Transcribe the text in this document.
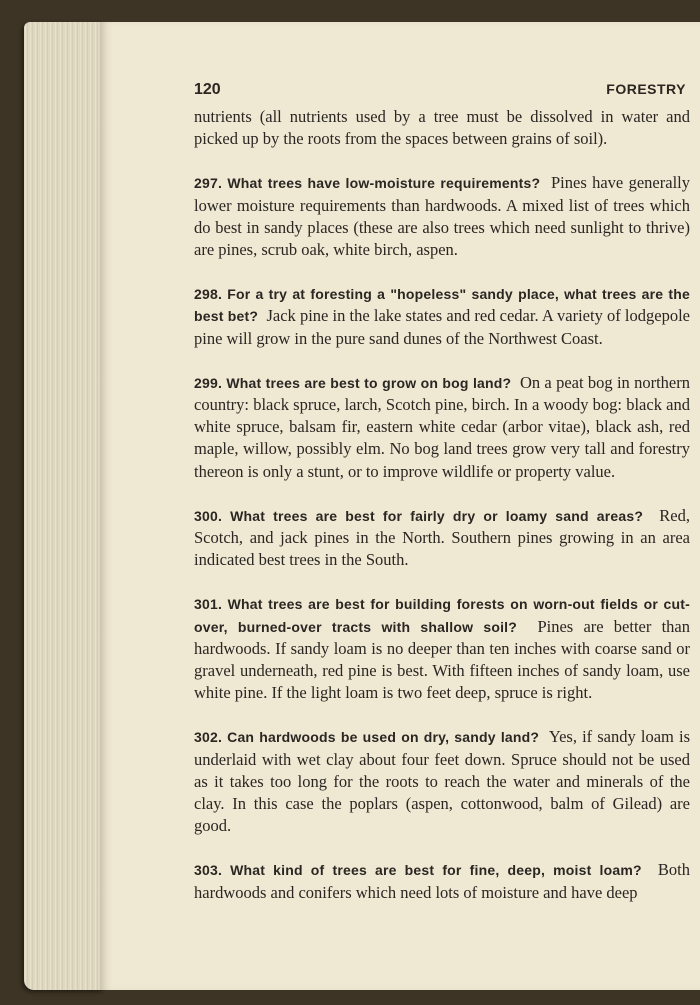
120	FORESTRY

nutrients (all nutrients used by a tree must be dissolved in water and picked up by the roots from the spaces between grains of soil).

297. What trees have low-moisture requirements? Pines have generally lower moisture requirements than hardwoods. A mixed list of trees which do best in sandy places (these are also trees which need sunlight to thrive) are pines, scrub oak, white birch, aspen.

298. For a try at foresting a "hopeless" sandy place, what trees are the best bet? Jack pine in the lake states and red cedar. A variety of lodgepole pine will grow in the pure sand dunes of the Northwest Coast.

299. What trees are best to grow on bog land? On a peat bog in northern country: black spruce, larch, Scotch pine, birch. In a woody bog: black and white spruce, balsam fir, eastern white cedar (arbor vitae), black ash, red maple, willow, possibly elm. No bog land trees grow very tall and forestry thereon is only a stunt, or to improve wildlife or property value.

300. What trees are best for fairly dry or loamy sand areas? Red, Scotch, and jack pines in the North. Southern pines growing in an area indicated best trees in the South.

301. What trees are best for building forests on worn-out fields or cut-over, burned-over tracts with shallow soil? Pines are better than hardwoods. If sandy loam is no deeper than ten inches with coarse sand or gravel underneath, red pine is best. With fifteen inches of sandy loam, use white pine. If the light loam is two feet deep, spruce is right.

302. Can hardwoods be used on dry, sandy land? Yes, if sandy loam is underlaid with wet clay about four feet down. Spruce should not be used as it takes too long for the roots to reach the water and minerals of the clay. In this case the poplars (aspen, cottonwood, balm of Gilead) are good.

303. What kind of trees are best for fine, deep, moist loam? Both hardwoods and conifers which need lots of moisture and have deep
